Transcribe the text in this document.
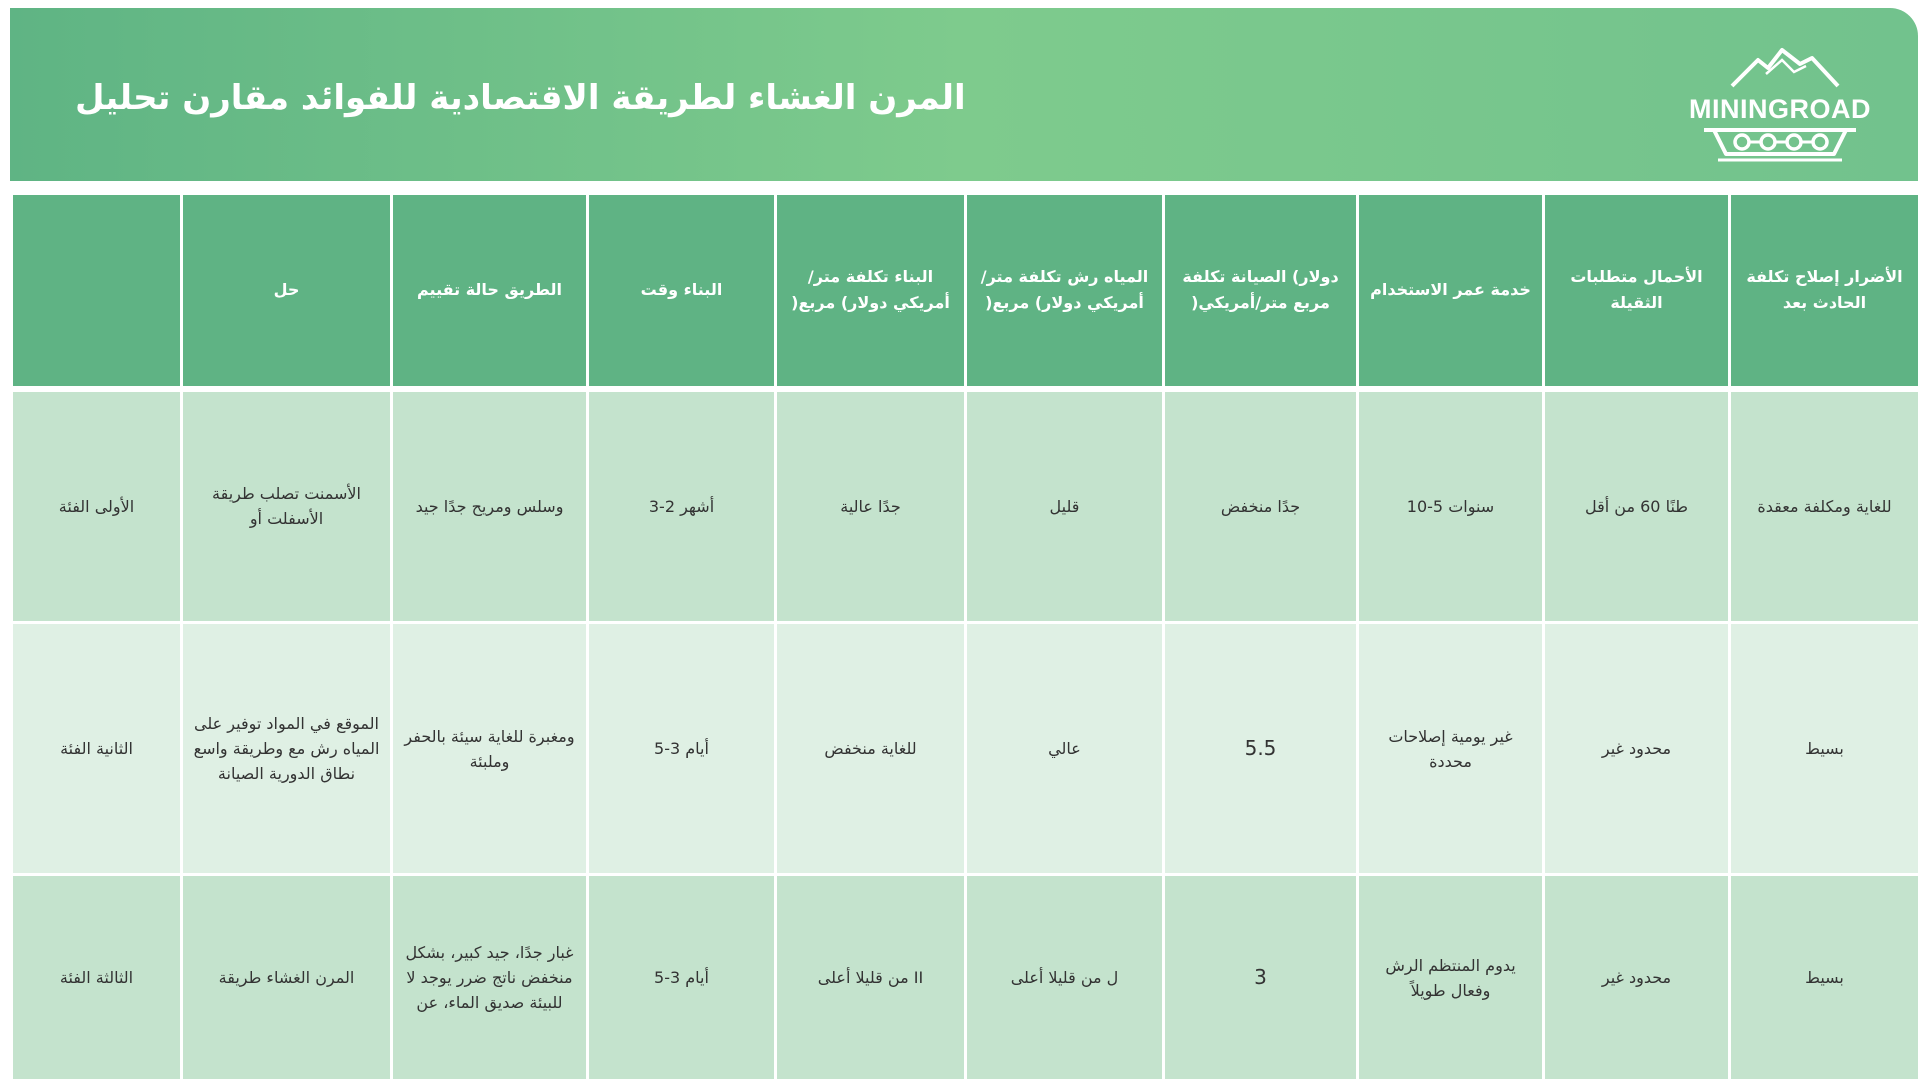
المرن الغشاء لطريقة الاقتصادية للفوائد مقارن تحليل	MININGROAD
الأضرار إصلاح تكلفة الحادث بعد	الأحمال متطلبات الثقيلة	خدمة عمر الاستخدام	دولار) الصيانة تكلفة مربع متر/أمريكي(	المياه رش تكلفة متر/أمريكي دولار) مربع(	البناء تكلفة متر/أمريكي دولار) مربع(	البناء وقت	الطريق حالة تقييم	حل	
للغاية ومكلفة معقدة	طنًا 60 من أقل	سنوات 5-10	جدًا منخفض	قليل	جدًا عالية	أشهر 2-3	وسلس ومريح جدًا جيد	الأسمنت تصلب طريقة الأسفلت أو	الأولى الفئة
بسيط	محدود غير	غير يومية إصلاحات محددة	5.5	عالي	للغاية منخفض	أيام 3-5	ومغبرة للغاية سيئة بالحفر وملبئة	الموقع في المواد توفير على المياه رش مع وطريقة واسع نطاق الدورية الصيانة	الثانية الفئة
بسيط	محدود غير	يدوم المنتظم الرش وفعال طويلاً	3	ل من قليلا أعلى	II من قليلا أعلى	أيام 3-5	غبار جدًا، جيد كبير، بشكل منخفض ناتج ضرر يوجد لا للبيئة صديق الماء، عن	المرن الغشاء طريقة	الثالثة الفئة
